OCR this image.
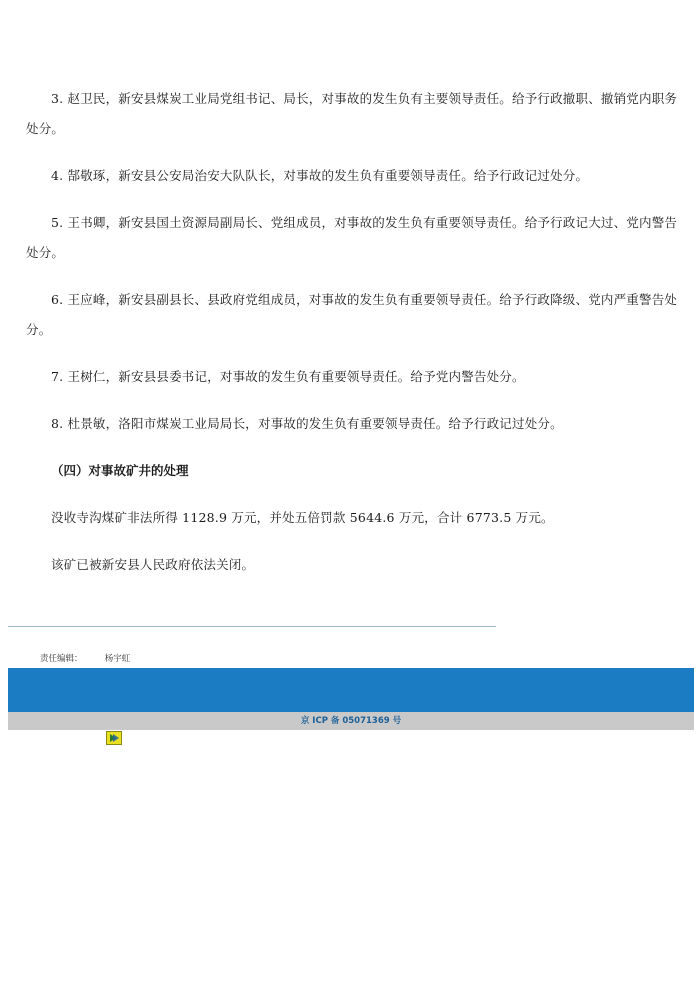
3. 赵卫民，新安县煤炭工业局党组书记、局长，对事故的发生负有主要领导责任。给予行政撤职、撤销党内职务处分。

4. 郜敬琢，新安县公安局治安大队队长，对事故的发生负有重要领导责任。给予行政记过处分。

5. 王书卿，新安县国土资源局副局长、党组成员，对事故的发生负有重要领导责任。给予行政记大过、党内警告处分。

6. 王应峰，新安县副县长、县政府党组成员，对事故的发生负有重要领导责任。给予行政降级、党内严重警告处分。

7. 王树仁，新安县县委书记，对事故的发生负有重要领导责任。给予党内警告处分。

8. 杜景敏，洛阳市煤炭工业局局长，对事故的发生负有重要领导责任。给予行政记过处分。

（四）对事故矿井的处理

没收寺沟煤矿非法所得 1128.9 万元，并处五倍罚款 5644.6 万元，合计 6773.5 万元。

该矿已被新安县人民政府依法关闭。

责任编辑：	杨宇虹
京 ICP 备 05071369 号
